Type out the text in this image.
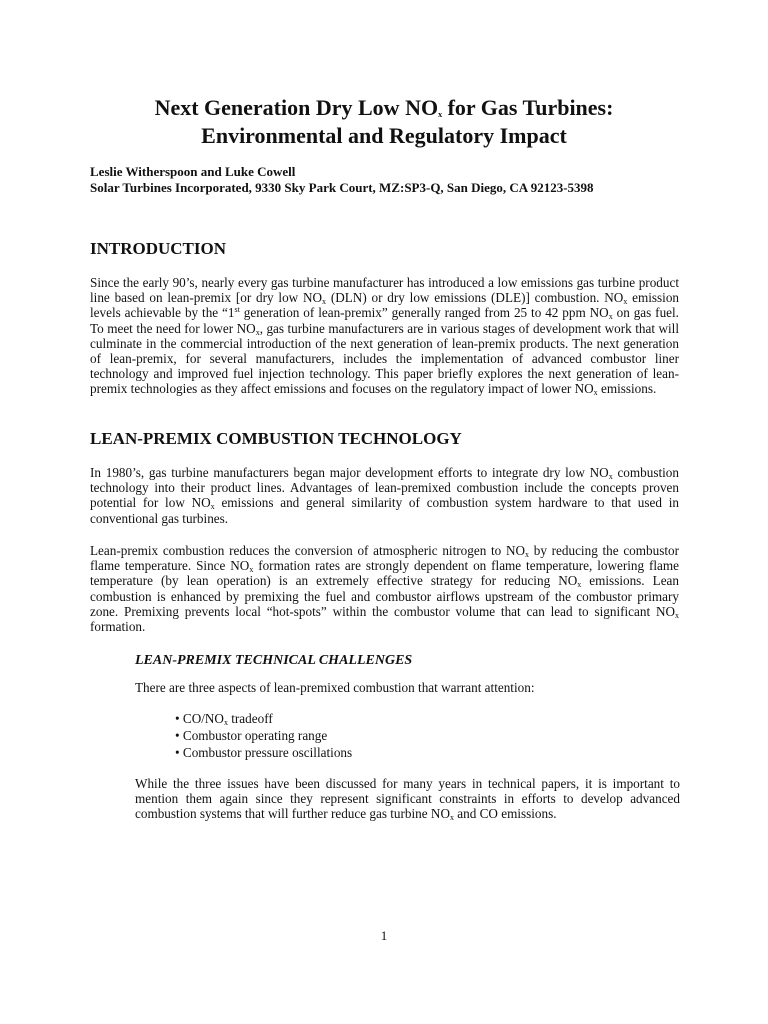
Next Generation Dry Low $NO_x$ for Gas Turbines:
Environmental and Regulatory Impact
Leslie Witherspoon and Luke Cowell
Solar Turbines Incorporated, 9330 Sky Park Court, MZ:SP3-Q, San Diego, CA 92123-5398
INTRODUCTION

Since the early 90’s, nearly every gas turbine manufacturer has introduced a low emissions gas turbine product line based on lean-premix [or dry low $NO_x$ (DLN) or dry low emissions (DLE)] combustion. $NO_x$ emission levels achievable by the “1st generation of lean-premix” generally ranged from 25 to 42 ppm $NO_x$ on gas fuel. To meet the need for lower $NO_x$, gas turbine manufacturers are in various stages of development work that will culminate in the commercial introduction of the next generation of lean-premix products. The next generation of lean-premix, for several manufacturers, includes the implementation of advanced combustor liner technology and improved fuel injection technology. This paper briefly explores the next generation of lean-premix technologies as they affect emissions and focuses on the regulatory impact of lower $NO_x$ emissions.

LEAN-PREMIX COMBUSTION TECHNOLOGY

In 1980’s, gas turbine manufacturers began major development efforts to integrate dry low $NO_x$ combustion technology into their product lines. Advantages of lean-premixed combustion include the concepts proven potential for low $NO_x$ emissions and general similarity of combustion system hardware to that used in conventional gas turbines.

Lean-premix combustion reduces the conversion of atmospheric nitrogen to $NO_x$ by reducing the combustor flame temperature. Since $NO_x$ formation rates are strongly dependent on flame temperature, lowering flame temperature (by lean operation) is an extremely effective strategy for reducing $NO_x$ emissions. Lean combustion is enhanced by premixing the fuel and combustor airflows upstream of the combustor primary zone. Premixing prevents local “hot-spots” within the combustor volume that can lead to significant $NO_x$ formation.

LEAN-PREMIX TECHNICAL CHALLENGES

There are three aspects of lean-premixed combustion that warrant attention:

• $CO/NO_x$ tradeoff
• Combustor operating range
• Combustor pressure oscillations

While the three issues have been discussed for many years in technical papers, it is important to mention them again since they represent significant constraints in efforts to develop advanced combustion systems that will further reduce gas turbine $NO_x$ and CO emissions.

1
